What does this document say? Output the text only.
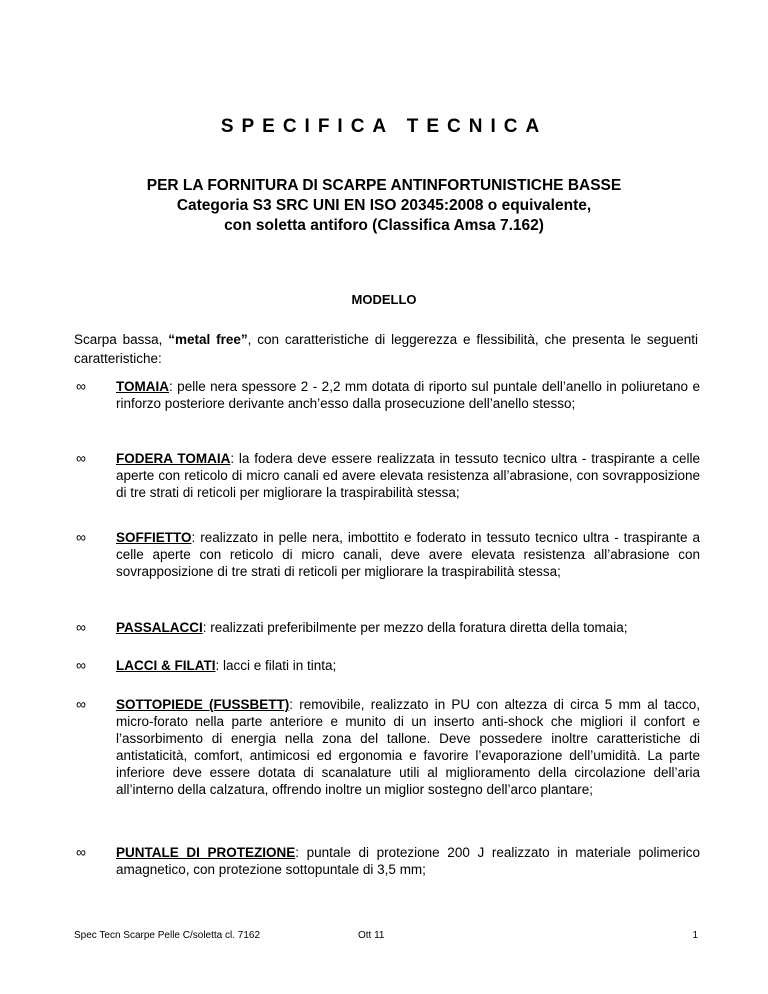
SPECIFICA TECNICA
PER LA FORNITURA DI SCARPE ANTINFORTUNISTICHE BASSE
Categoria S3 SRC UNI EN ISO 20345:2008 o equivalente,
con soletta antiforo (Classifica Amsa 7.162)
MODELLO
Scarpa bassa, “metal free”, con caratteristiche di leggerezza e flessibilità, che presenta le seguenti caratteristiche:
∞	TOMAIA: pelle nera spessore 2 - 2,2 mm dotata di riporto sul puntale dell’anello in poliuretano e rinforzo posteriore derivante anch’esso dalla prosecuzione dell’anello stesso;
∞	FODERA TOMAIA: la fodera deve essere realizzata in tessuto tecnico ultra - traspirante a celle aperte con reticolo di micro canali ed avere elevata resistenza all’abrasione, con sovrapposizione di tre strati di reticoli per migliorare la traspirabilità stessa;
∞	SOFFIETTO: realizzato in pelle nera, imbottito e foderato in tessuto tecnico ultra - traspirante a celle aperte con reticolo di micro canali, deve avere elevata resistenza all’abrasione con sovrapposizione di tre strati di reticoli per migliorare la traspirabilità stessa;
∞	PASSALACCI: realizzati preferibilmente per mezzo della foratura diretta della tomaia;
∞	LACCI & FILATI: lacci e filati in tinta;
∞	SOTTOPIEDE (FUSSBETT): removibile, realizzato in PU con altezza di circa 5 mm al tacco, micro-forato nella parte anteriore e munito di un inserto anti-shock che migliori il confort e l’assorbimento di energia nella zona del tallone. Deve possedere inoltre caratteristiche di antistaticità, comfort, antimicosi ed ergonomia e favorire l’evaporazione dell’umidità. La parte inferiore deve essere dotata di scanalature utili al miglioramento della circolazione dell’aria all’interno della calzatura, offrendo inoltre un miglior sostegno dell’arco plantare;
∞	PUNTALE DI PROTEZIONE: puntale di protezione 200 J realizzato in materiale polimerico amagnetico, con protezione sottopuntale di 3,5 mm;
Spec Tecn Scarpe Pelle C/soletta cl. 7162	Ott 11	1
